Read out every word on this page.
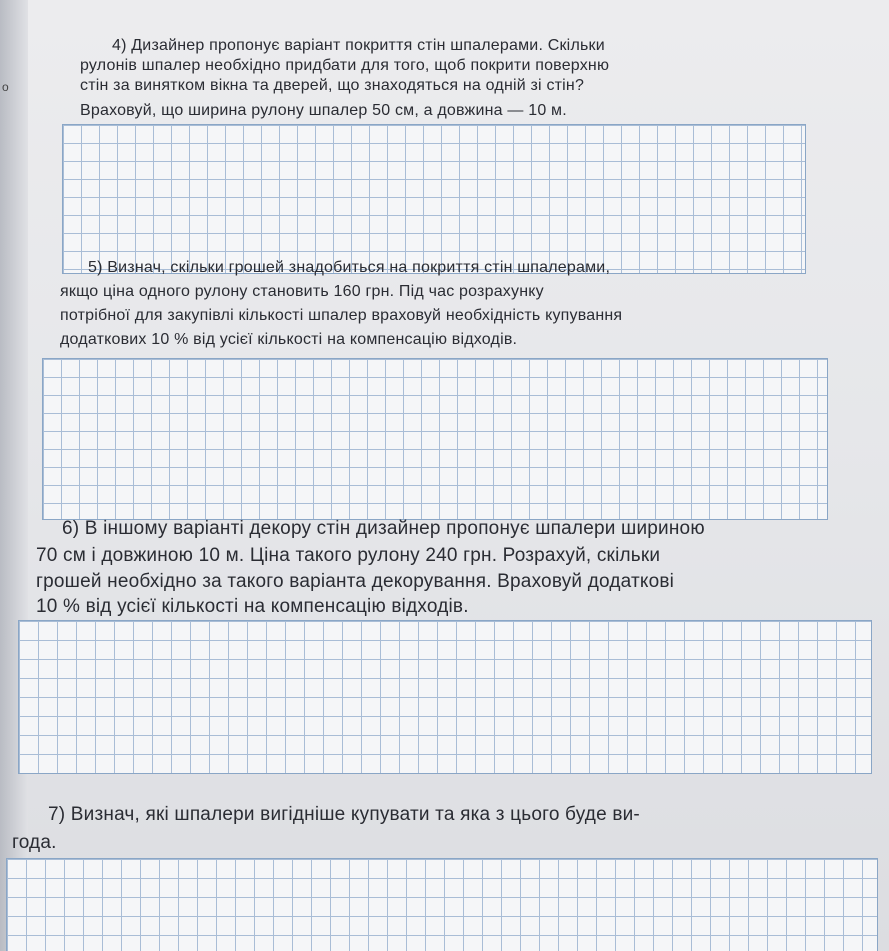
o

4) Дизайнер пропонує варіант покриття стін шпалерами. Скільки

рулонів шпалер необхідно придбати для того, щоб покрити поверхню

стін за винятком вікна та дверей, що знаходяться на одній зі стін?

Враховуй, що ширина рулону шпалер 50 см, а довжина — 10 м.

5) Визнач, скільки грошей знадобиться на покриття стін шпалерами,

якщо ціна одного рулону становить 160 грн. Під час розрахунку

потрібної для закупівлі кількості шпалер враховуй необхідність купування

додаткових 10 % від усієї кількості на компенсацію відходів.

6) В іншому варіанті декору стін дизайнер пропонує шпалери шириною

70 см і довжиною 10 м. Ціна такого рулону 240 грн. Розрахуй, скільки

грошей необхідно за такого варіанта декорування. Враховуй додаткові

10 % від усієї кількості на компенсацію відходів.

7) Визнач, які шпалери вигідніше купувати та яка з цього буде ви-

года.
